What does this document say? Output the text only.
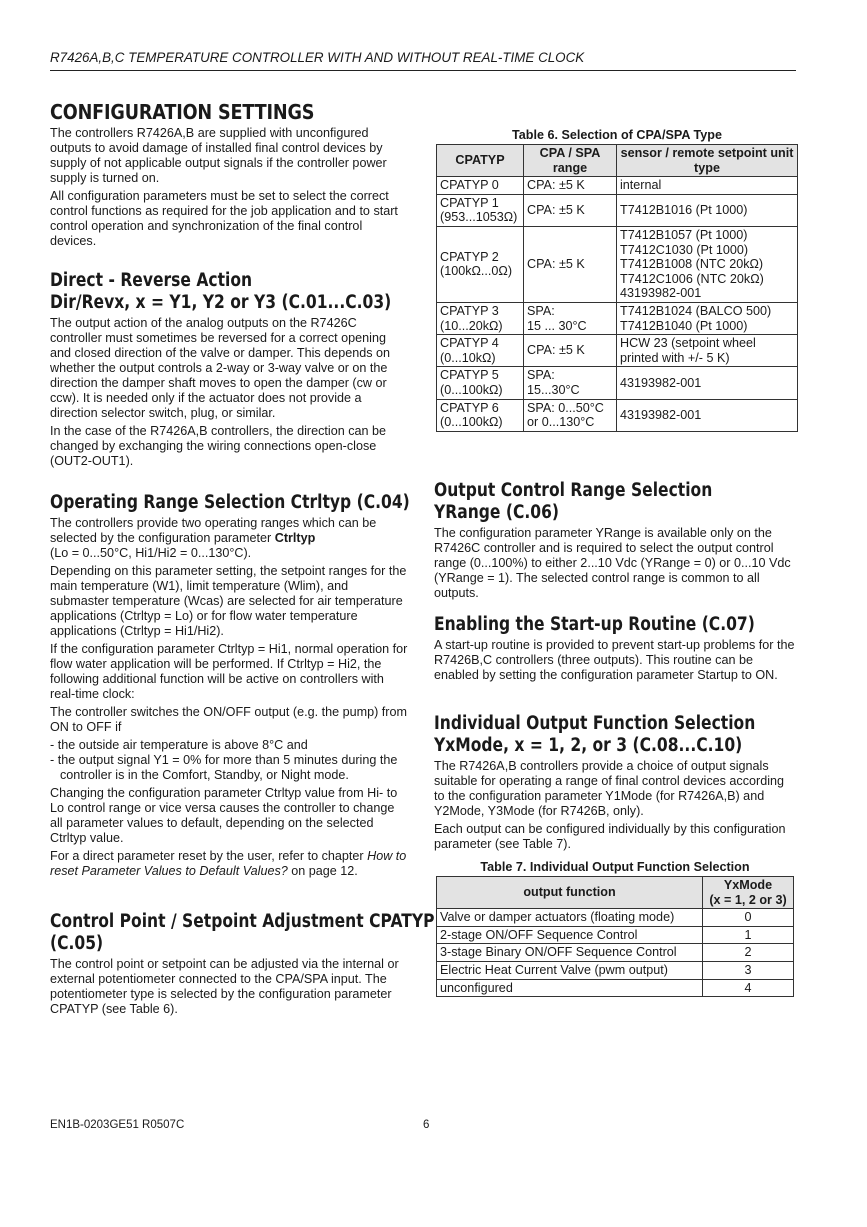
R7426A,B,C TEMPERATURE CONTROLLER WITH AND WITHOUT REAL-TIME CLOCK
CONFIGURATION SETTINGS

The controllers R7426A,B are supplied with unconfigured outputs to avoid damage of installed final control devices by supply of not applicable output signals if the controller power supply is turned on.

All configuration parameters must be set to select the correct control functions as required for the job application and to start control operation and synchronization of the final control devices.

Direct - Reverse Action
Dir/Revx, x = Y1, Y2 or Y3 (C.01...C.03)

The output action of the analog outputs on the R7426C controller must sometimes be reversed for a correct opening and closed direction of the valve or damper. This depends on whether the output controls a 2-way or 3-way valve or on the direction the damper shaft moves to open the damper (cw or ccw). It is needed only if the actuator does not provide a direction selector switch, plug, or similar.

In the case of the R7426A,B controllers, the direction can be changed by exchanging the wiring connections open-close (OUT2-OUT1).

Operating Range Selection Ctrltyp (C.04)

The controllers provide two operating ranges which can be selected by the configuration parameter Ctrltyp
(Lo = 0...50°C, Hi1/Hi2 = 0...130°C).

Depending on this parameter setting, the setpoint ranges for the main temperature (W1), limit temperature (Wlim), and submaster temperature (Wcas) are selected for air temperature applications (Ctrltyp = Lo) or for flow water temperature applications (Ctrltyp = Hi1/Hi2).

If the configuration parameter Ctrltyp = Hi1, normal operation for flow water application will be performed. If Ctrltyp = Hi2, the following additional function will be active on controllers with real-time clock:

The controller switches the ON/OFF output (e.g. the pump) from ON to OFF if

- the outside air temperature is above 8°C and
- the output signal Y1 = 0% for more than 5 minutes during the controller is in the Comfort, Standby, or Night mode.

Changing the configuration parameter Ctrltyp value from Hi- to Lo control range or vice versa causes the controller to change all parameter values to default, depending on the selected Ctrltyp value.

For a direct parameter reset by the user, refer to chapter How to reset Parameter Values to Default Values? on page 12.

Control Point / Setpoint Adjustment CPATYP
(C.05)

The control point or setpoint can be adjusted via the internal or external potentiometer connected to the CPA/SPA input. The potentiometer type is selected by the configuration parameter CPATYP (see Table 6).

Table 6. Selection of CPA/SPA Type
CPATYP	CPA / SPA range	sensor / remote setpoint unit type
CPATYP 0	CPA: ±5 K	internal
CPATYP 1
(953...1053Ω)	CPA: ±5 K	T7412B1016 (Pt 1000)
CPATYP 2
(100kΩ...0Ω)	CPA: ±5 K	T7412B1057 (Pt 1000)
T7412C1030 (Pt 1000)
T7412B1008 (NTC 20kΩ)
T7412C1006 (NTC 20kΩ)
43193982-001
CPATYP 3
(10...20kΩ)	SPA:
15 ... 30°C	T7412B1024 (BALCO 500)
T7412B1040 (Pt 1000)
CPATYP 4
(0...10kΩ)	CPA: ±5 K	HCW 23 (setpoint wheel
printed with +/- 5 K)
CPATYP 5
(0...100kΩ)	SPA:
15...30°C	43193982-001
CPATYP 6
(0...100kΩ)	SPA: 0...50°C
or 0...130°C	43193982-001
Output Control Range Selection
YRange (C.06)

The configuration parameter YRange is available only on the R7426C controller and is required to select the output control range (0...100%) to either 2...10 Vdc (YRange = 0) or 0...10 Vdc (YRange = 1). The selected control range is common to all outputs.

Enabling the Start-up Routine (C.07)

A start-up routine is provided to prevent start-up problems for the R7426B,C controllers (three outputs). This routine can be enabled by setting the configuration parameter Startup to ON.

Individual Output Function Selection
YxMode, x = 1, 2, or 3 (C.08...C.10)

The R7426A,B controllers provide a choice of output signals suitable for operating a range of final control devices according to the configuration parameter Y1Mode (for R7426A,B) and Y2Mode, Y3Mode (for R7426B, only).

Each output can be configured individually by this configuration parameter (see Table 7).

Table 7. Individual Output Function Selection
output function	YxMode
(x = 1, 2 or 3)
Valve or damper actuators (floating mode)	0
2-stage ON/OFF Sequence Control	1
3-stage Binary ON/OFF Sequence Control	2
Electric Heat Current Valve (pwm output)	3
unconfigured	4
EN1B-0203GE51 R0507C	6
